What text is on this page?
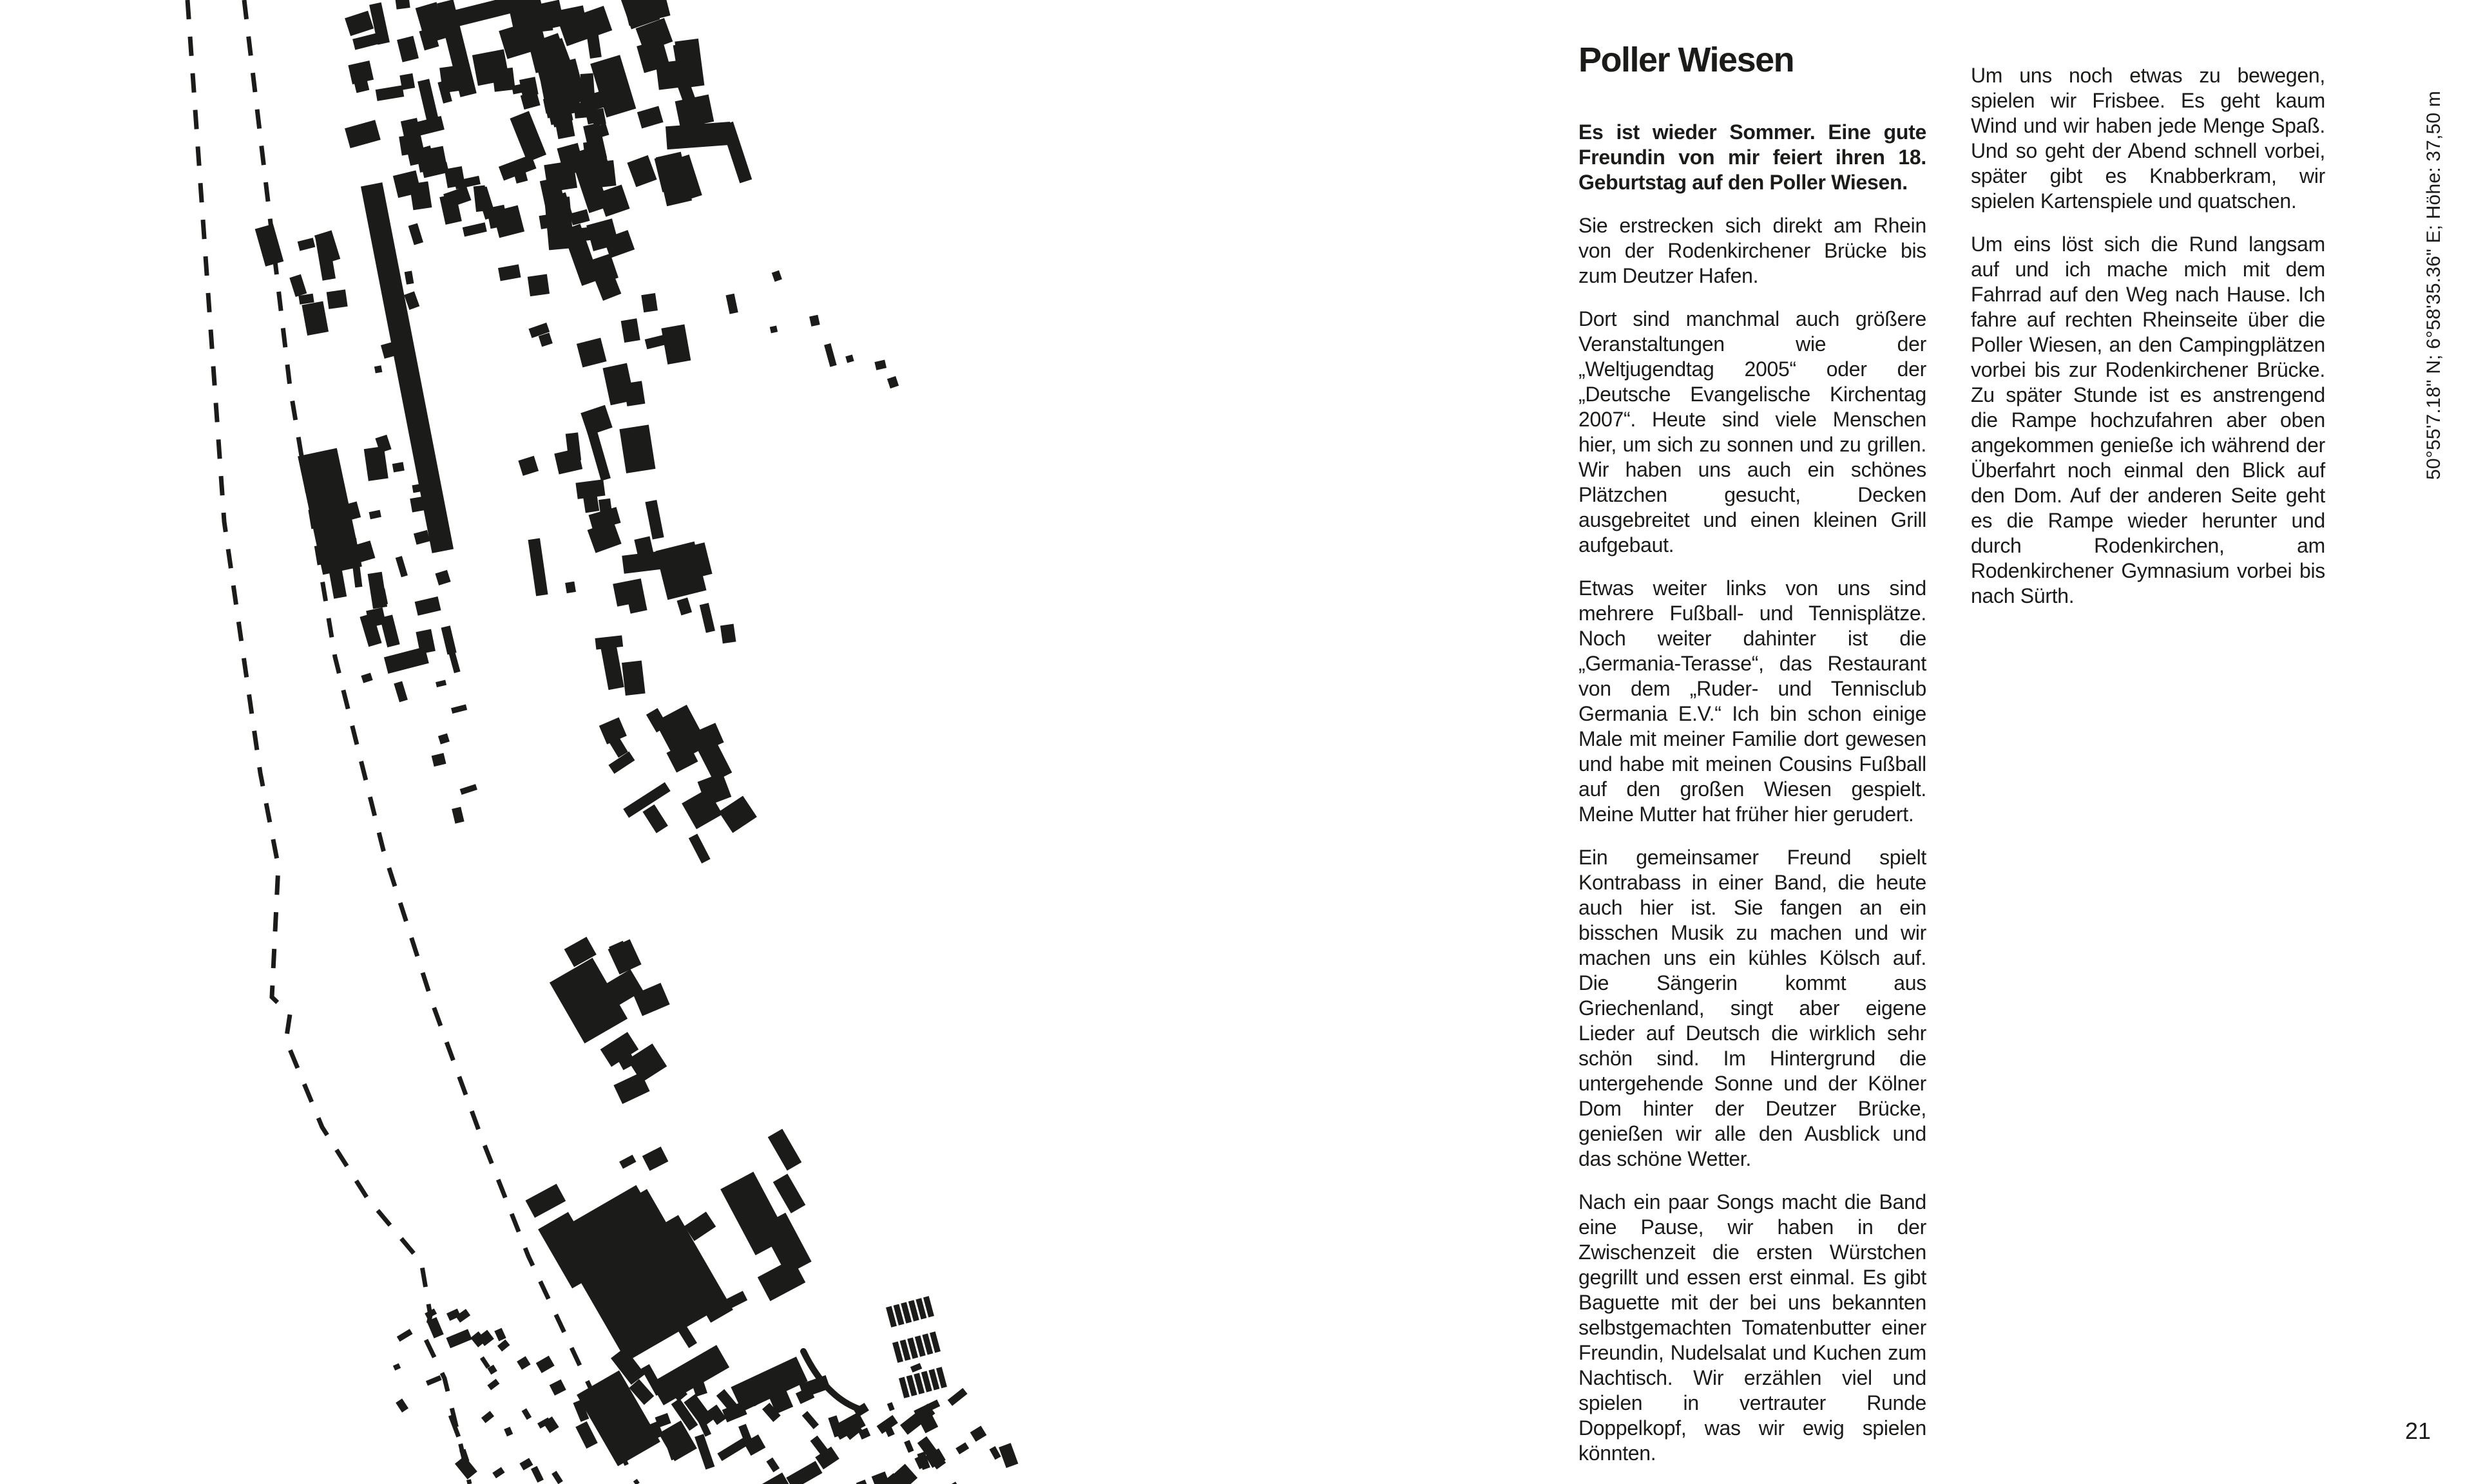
Poller Wiesen

Es ist wieder Sommer. Eine gute Freundin von mir feiert ihren 18. Geburtstag auf den Poller Wiesen.

Sie erstrecken sich direkt am Rhein von der Rodenkirchener Brücke bis zum Deutzer Hafen.

Dort sind manchmal auch größere Veranstaltungen wie der „Weltjugendtag 2005“ oder der „Deutsche Evangelische Kirchentag 2007“. Heute sind viele Menschen hier, um sich zu sonnen und zu grillen. Wir haben uns auch ein schönes Plätzchen gesucht, Decken ausgebreitet und einen kleinen Grill aufgebaut.

Etwas weiter links von uns sind mehrere Fußball- und Tennisplätze. Noch weiter dahinter ist die „Germania-Terasse“, das Restaurant von dem „Ruder- und Tennisclub Germania E.V.“ Ich bin schon einige Male mit meiner Familie dort gewesen und habe mit meinen Cousins Fußball auf den großen Wiesen gespielt. Meine Mutter hat früher hier gerudert.

Ein gemeinsamer Freund spielt Kontrabass in einer Band, die heute auch hier ist. Sie fangen an ein bisschen Musik zu machen und wir machen uns ein kühles Kölsch auf. Die Sängerin kommt aus Griechenland, singt aber eigene Lieder auf Deutsch die wirklich sehr schön sind. Im Hintergrund die untergehende Sonne und der Kölner Dom hinter der Deutzer Brücke, genießen wir alle den Ausblick und das schöne Wetter.

Nach ein paar Songs macht die Band eine Pause, wir haben in der Zwischenzeit die ersten Würstchen gegrillt und essen erst einmal. Es gibt Baguette mit der bei uns bekannten selbstgemachten Tomatenbutter einer Freundin, Nudelsalat und Kuchen zum Nachtisch. Wir erzählen viel und spielen in vertrauter Runde Doppelkopf, was wir ewig spielen könnten.

Um uns noch etwas zu bewegen, spielen wir Frisbee. Es geht kaum Wind und wir haben jede Menge Spaß. Und so geht der Abend schnell vorbei, später gibt es Knabberkram, wir spielen Kartenspiele und quatschen.

Um eins löst sich die Rund langsam auf und ich mache mich mit dem Fahrrad auf den Weg nach Hause. Ich fahre auf rechten Rheinseite über die Poller Wiesen, an den Campingplätzen vorbei bis zur Rodenkirchener Brücke. Zu später Stunde ist es anstrengend die Rampe hochzufahren aber oben angekommen genieße ich während der Überfahrt noch einmal den Blick auf den Dom. Auf der anderen Seite geht es die Rampe wieder herunter und durch Rodenkirchen, am Rodenkirchener Gymnasium vorbei bis nach Sürth.

50°55'7.18" N; 6°58'35.36" E; Höhe: 37,50 m
21
